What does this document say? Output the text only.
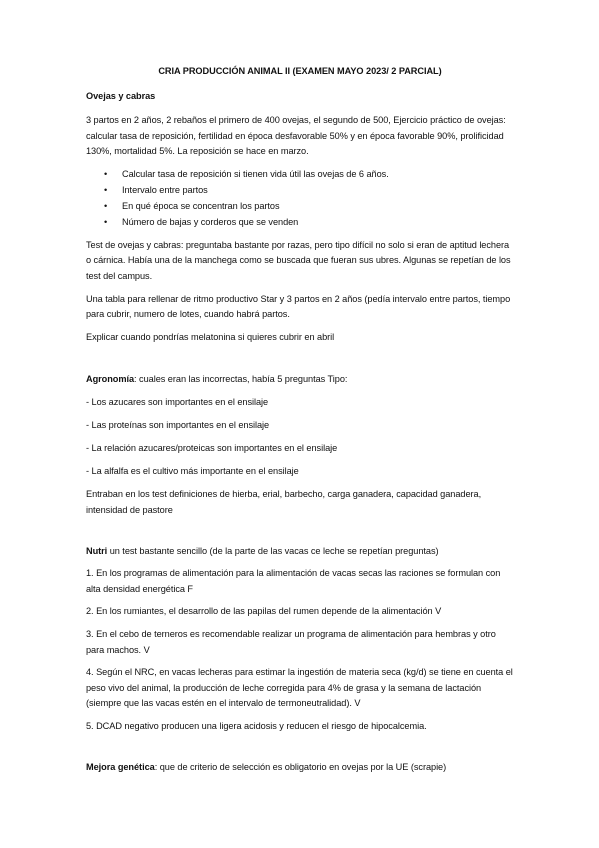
CRIA PRODUCCIÓN ANIMAL II (EXAMEN MAYO 2023/ 2 PARCIAL)
Ovejas y cabras

3 partos en 2 años, 2 rebaños el primero de 400 ovejas, el segundo de 500, Ejercicio práctico de ovejas: calcular tasa de reposición, fertilidad en época desfavorable 50% y en época favorable 90%, prolificidad 130%, mortalidad 5%. La reposición se hace en marzo.

• Calcular tasa de reposición si tienen vida útil las ovejas de 6 años.
• Intervalo entre partos
• En qué época se concentran los partos
• Número de bajas y corderos que se venden

Test de ovejas y cabras: preguntaba bastante por razas, pero tipo difícil no solo si eran de aptitud lechera o cárnica. Había una de la manchega como se buscada que fueran sus ubres. Algunas se repetían de los test del campus.

Una tabla para rellenar de ritmo productivo Star y 3 partos en 2 años (pedía intervalo entre partos, tiempo para cubrir, numero de lotes, cuando habrá partos.

Explicar cuando pondrías melatonina si quieres cubrir en abril

Agronomía: cuales eran las incorrectas, había 5 preguntas Tipo:

- Los azucares son importantes en el ensilaje
- Las proteínas son importantes en el ensilaje
- La relación azucares/proteicas son importantes en el ensilaje
- La alfalfa es el cultivo más importante en el ensilaje

Entraban en los test definiciones de hierba, erial, barbecho, carga ganadera, capacidad ganadera, intensidad de pastore

Nutri un test bastante sencillo (de la parte de las vacas ce leche se repetían preguntas)

1. En los programas de alimentación para la alimentación de vacas secas las raciones se formulan con alta densidad energética F

2. En los rumiantes, el desarrollo de las papilas del rumen depende de la alimentación V

3. En el cebo de terneros es recomendable realizar un programa de alimentación para hembras y otro para machos. V

4. Según el NRC, en vacas lecheras para estimar la ingestión de materia seca (kg/d) se tiene en cuenta el peso vivo del animal, la producción de leche corregida para 4% de grasa y la semana de lactación (siempre que las vacas estén en el intervalo de termoneutralidad). V

5. DCAD negativo producen una ligera acidosis y reducen el riesgo de hipocalcemia.

Mejora genética: que de criterio de selección es obligatorio en ovejas por la UE (scrapie)
